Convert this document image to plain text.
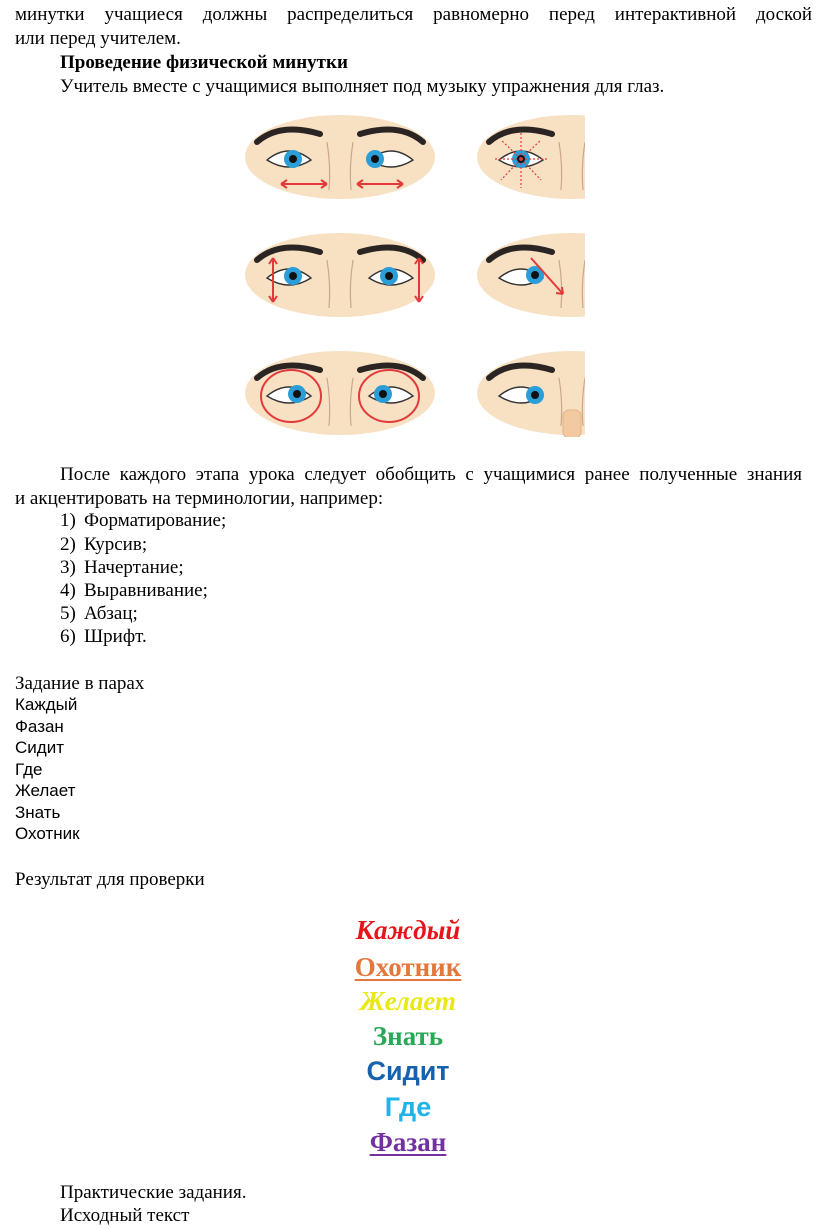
минутки учащиеся должны распределиться равномерно перед интерактивной доской
или перед учителем.
Проведение физической минутки
Учитель вместе с учащимися выполняет под музыку упражнения для глаз.
После каждого этапа урока следует обобщить с учащимися ранее полученные знания
и акцентировать на терминологии, например:
1) Форматирование;
2) Курсив;
3) Начертание;
4) Выравнивание;
5) Абзац;
6) Шрифт.
Задание в парах
Каждый
Фазан
Сидит
Где
Желает
Знать
Охотник
Результат для проверки
Каждый
Охотник
Желает
Знать
Сидит
Где
Фазан
Практические задания.
Исходный текст
